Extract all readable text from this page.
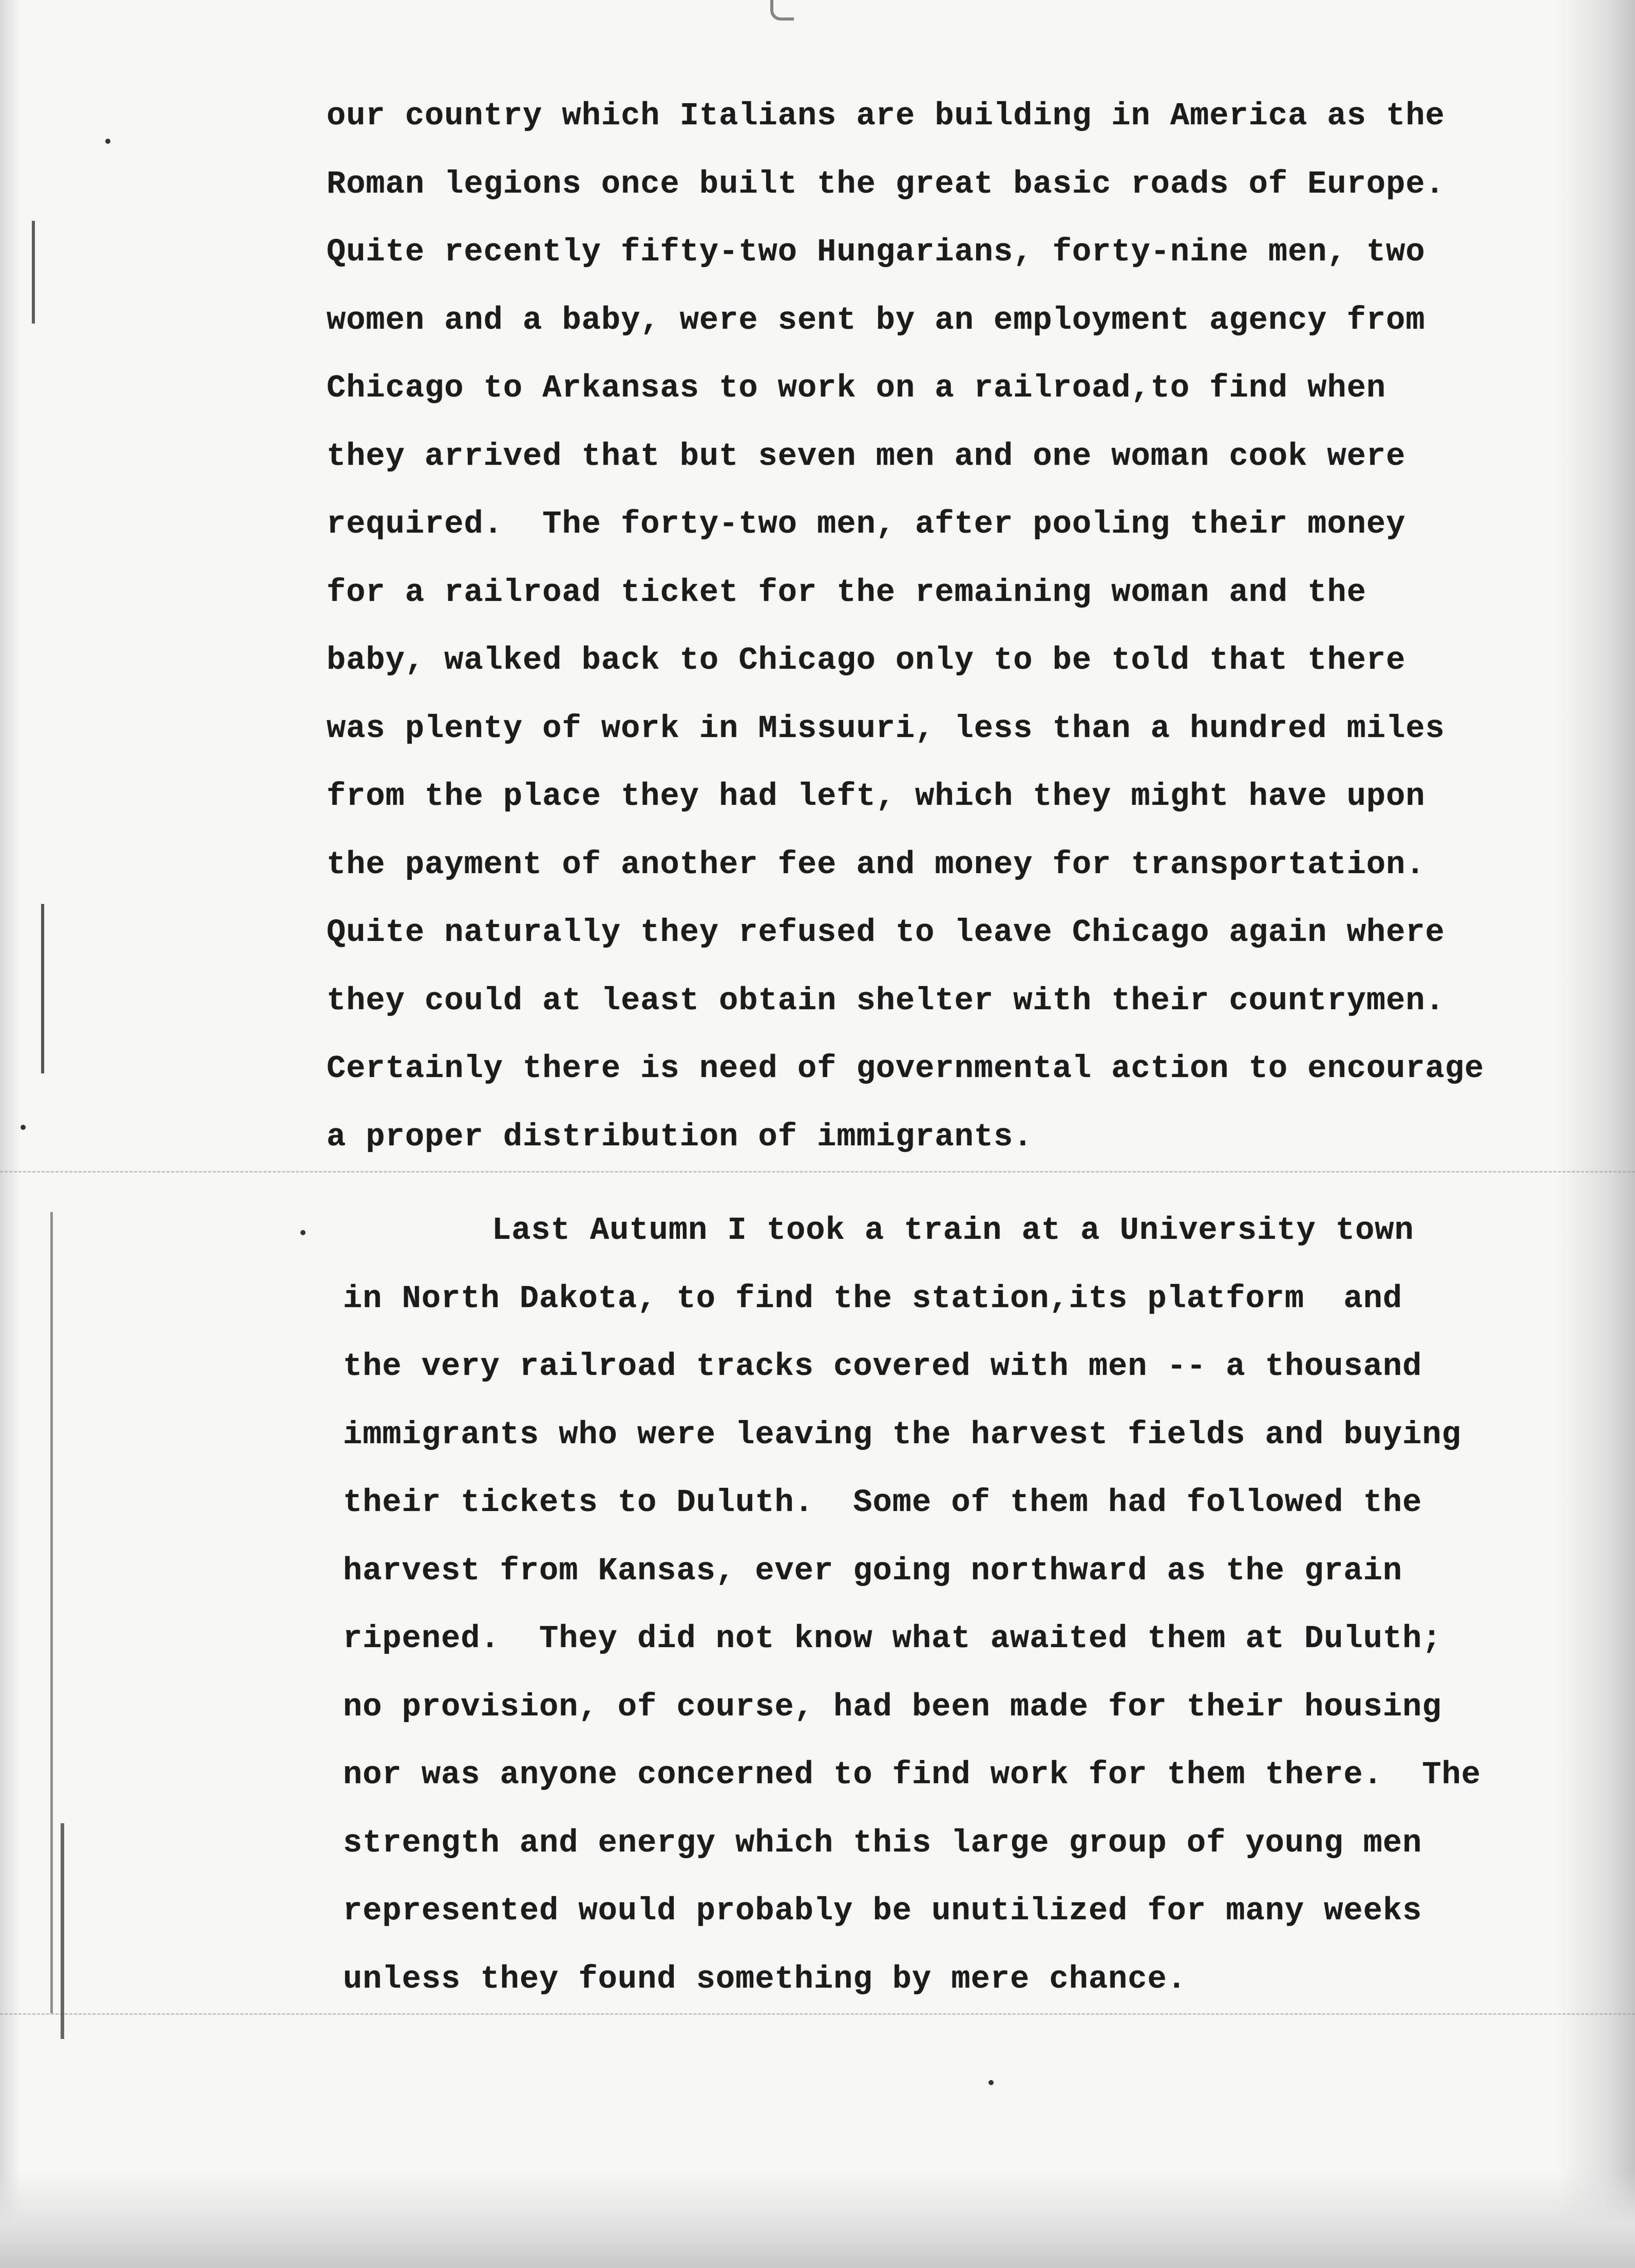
our country which Italians are building in America as the
Roman legions once built the great basic roads of Europe.
Quite recently fifty-two Hungarians, forty-nine men, two
women and a baby, were sent by an employment agency from
Chicago to Arkansas to work on a railroad,to find when
they arrived that but seven men and one woman cook were
required.  The forty-two men, after pooling their money
for a railroad ticket for the remaining woman and the
baby, walked back to Chicago only to be told that there
was plenty of work in Missuuri, less than a hundred miles
from the place they had left, which they might have upon
the payment of another fee and money for transportation.
Quite naturally they refused to leave Chicago again where
they could at least obtain shelter with their countrymen.
Certainly there is need of governmental action to encourage
a proper distribution of immigrants.
Last Autumn I took a train at a University town
in North Dakota, to find the station,its platform  and
the very railroad tracks covered with men -- a thousand
immigrants who were leaving the harvest fields and buying
their tickets to Duluth.  Some of them had followed the
harvest from Kansas, ever going northward as the grain
ripened.  They did not know what awaited them at Duluth;
no provision, of course, had been made for their housing
nor was anyone concerned to find work for them there.  The
strength and energy which this large group of young men
represented would probably be unutilized for many weeks
unless they found something by mere chance.
